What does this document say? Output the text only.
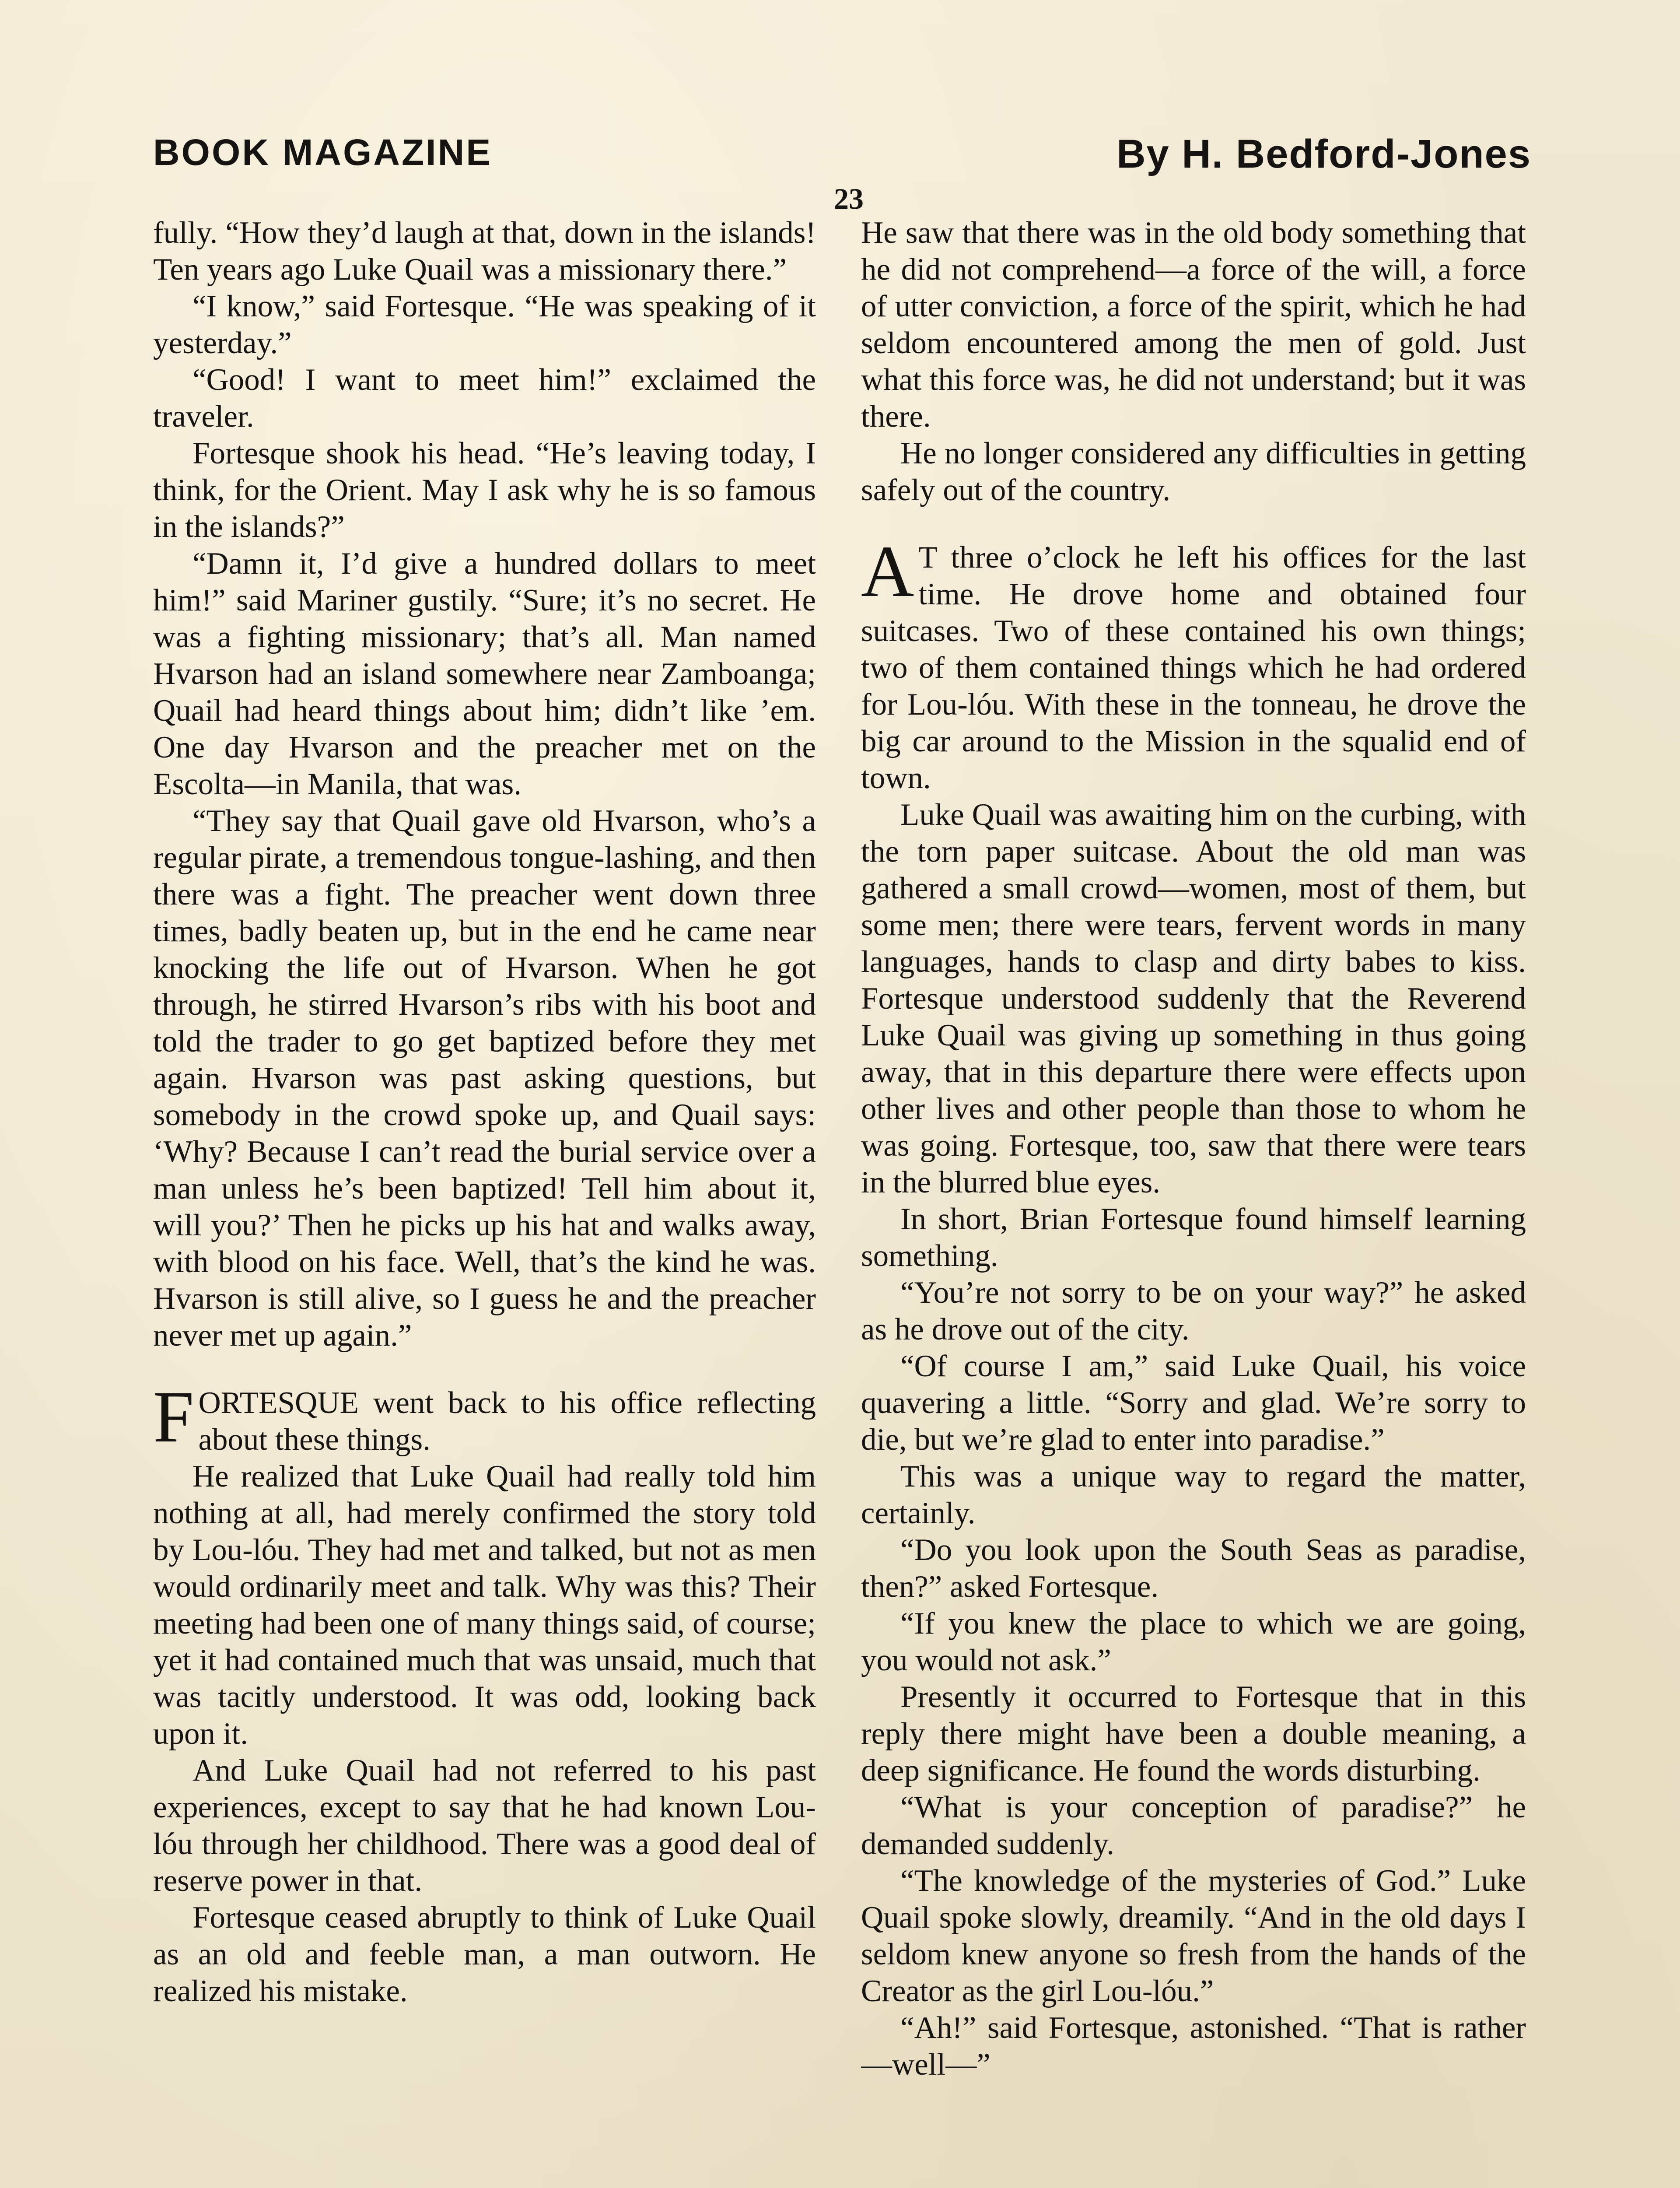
BOOK MAGAZINE	By H. Bedford-Jones
23

fully. “How they’d laugh at that, down in the islands! Ten years ago Luke Quail was a missionary there.”

“I know,” said Fortesque. “He was speaking of it yesterday.”

“Good! I want to meet him!” exclaimed the traveler.

Fortesque shook his head. “He’s leaving today, I think, for the Orient. May I ask why he is so famous in the islands?”

“Damn it, I’d give a hundred dollars to meet him!” said Mariner gustily. “Sure; it’s no secret. He was a fighting missionary; that’s all. Man named Hvarson had an island somewhere near Zamboanga; Quail had heard things about him; didn’t like ’em. One day Hvarson and the preacher met on the Escolta—in Manila, that was.

“They say that Quail gave old Hvarson, who’s a regular pirate, a tremendous tongue-lashing, and then there was a fight. The preacher went down three times, badly beaten up, but in the end he came near knocking the life out of Hvarson. When he got through, he stirred Hvarson’s ribs with his boot and told the trader to go get baptized before they met again. Hvarson was past asking questions, but somebody in the crowd spoke up, and Quail says: ‘Why? Because I can’t read the burial service over a man unless he’s been baptized! Tell him about it, will you?’ Then he picks up his hat and walks away, with blood on his face. Well, that’s the kind he was. Hvarson is still alive, so I guess he and the preacher never met up again.”

FORTESQUE went back to his office reflecting about these things.

He realized that Luke Quail had really told him nothing at all, had merely confirmed the story told by Lou-lóu. They had met and talked, but not as men would ordinarily meet and talk. Why was this? Their meeting had been one of many things said, of course; yet it had contained much that was unsaid, much that was tacitly understood. It was odd, looking back upon it.

And Luke Quail had not referred to his past experiences, except to say that he had known Lou-lóu through her childhood. There was a good deal of reserve power in that.

Fortesque ceased abruptly to think of Luke Quail as an old and feeble man, a man outworn. He realized his mistake.

He saw that there was in the old body something that he did not comprehend—a force of the will, a force of utter conviction, a force of the spirit, which he had seldom encountered among the men of gold. Just what this force was, he did not understand; but it was there.

He no longer considered any difficulties in getting safely out of the country.

A T three o’clock he left his offices for the last time. He drove home and obtained four suitcases. Two of these contained his own things; two of them contained things which he had ordered for Lou-lóu. With these in the tonneau, he drove the big car around to the Mission in the squalid end of town.

Luke Quail was awaiting him on the curbing, with the torn paper suitcase. About the old man was gathered a small crowd—women, most of them, but some men; there were tears, fervent words in many languages, hands to clasp and dirty babes to kiss. Fortesque understood suddenly that the Reverend Luke Quail was giving up something in thus going away, that in this departure there were effects upon other lives and other people than those to whom he was going. Fortesque, too, saw that there were tears in the blurred blue eyes.

In short, Brian Fortesque found himself learning something.

“You’re not sorry to be on your way?” he asked as he drove out of the city.

“Of course I am,” said Luke Quail, his voice quavering a little. “Sorry and glad. We’re sorry to die, but we’re glad to enter into paradise.”

This was a unique way to regard the matter, certainly.

“Do you look upon the South Seas as paradise, then?” asked Fortesque.

“If you knew the place to which we are going, you would not ask.”

Presently it occurred to Fortesque that in this reply there might have been a double meaning, a deep significance. He found the words disturbing.

“What is your conception of paradise?” he demanded suddenly.

“The knowledge of the mysteries of God.” Luke Quail spoke slowly, dreamily. “And in the old days I seldom knew anyone so fresh from the hands of the Creator as the girl Lou-lóu.”

“Ah!” said Fortesque, astonished. “That is rather—well—”
